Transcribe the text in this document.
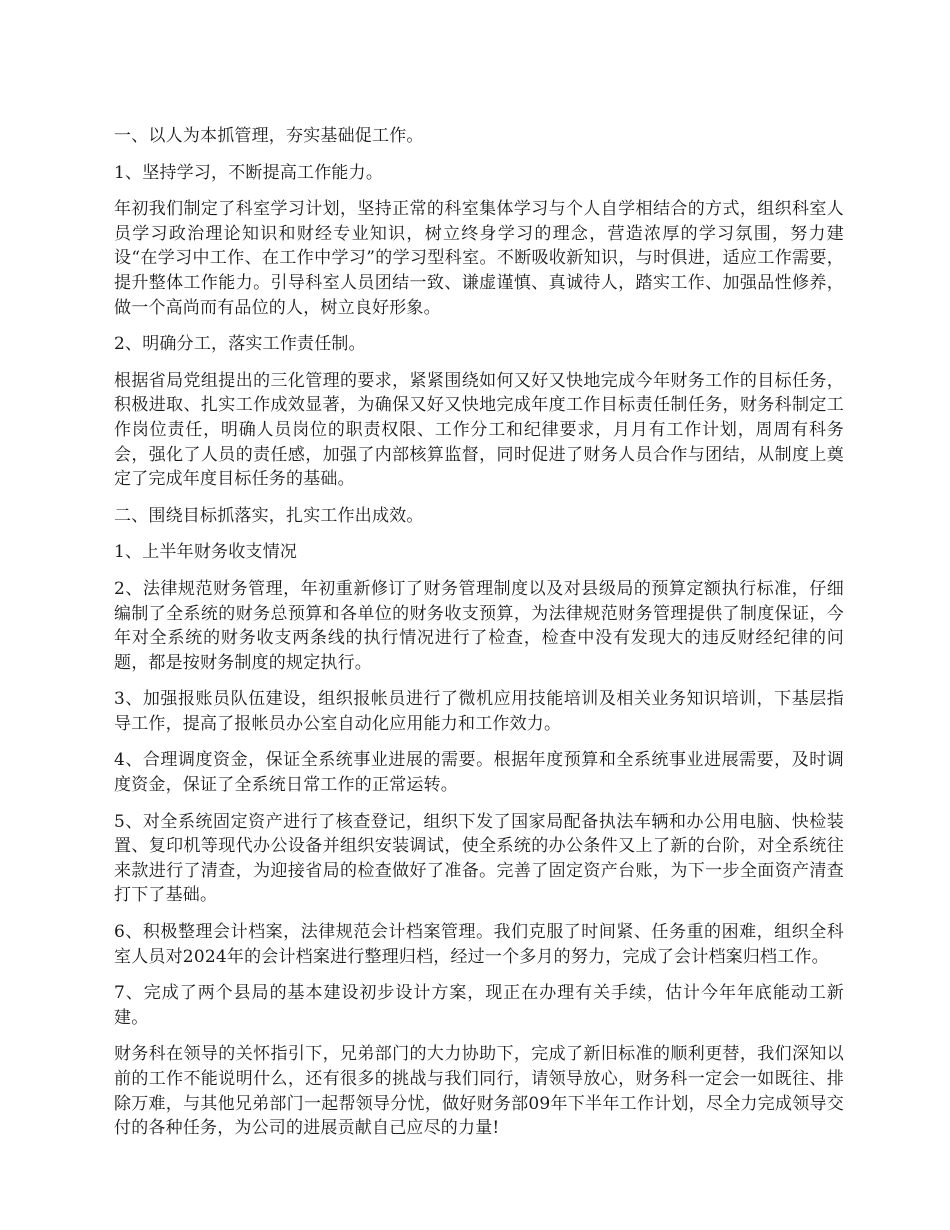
一、以人为本抓管理，夯实基础促工作。

1、坚持学习，不断提高工作能力。

年初我们制定了科室学习计划，坚持正常的科室集体学习与个人自学相结合的方式，组织科室人员学习政治理论知识和财经专业知识，树立终身学习的理念，营造浓厚的学习氛围，努力建设“在学习中工作、在工作中学习”的学习型科室。不断吸收新知识，与时俱进，适应工作需要，提升整体工作能力。引导科室人员团结一致、谦虚谨慎、真诚待人，踏实工作、加强品性修养，做一个高尚而有品位的人，树立良好形象。

2、明确分工，落实工作责任制。

根据省局党组提出的三化管理的要求，紧紧围绕如何又好又快地完成今年财务工作的目标任务，积极进取、扎实工作成效显著，为确保又好又快地完成年度工作目标责任制任务，财务科制定工作岗位责任，明确人员岗位的职责权限、工作分工和纪律要求，月月有工作计划，周周有科务会，强化了人员的责任感，加强了内部核算监督，同时促进了财务人员合作与团结，从制度上奠定了完成年度目标任务的基础。

二、围绕目标抓落实，扎实工作出成效。

1、上半年财务收支情况

2、法律规范财务管理，年初重新修订了财务管理制度以及对县级局的预算定额执行标准，仔细编制了全系统的财务总预算和各单位的财务收支预算，为法律规范财务管理提供了制度保证，今年对全系统的财务收支两条线的执行情况进行了检查，检查中没有发现大的违反财经纪律的问题，都是按财务制度的规定执行。

3、加强报账员队伍建设，组织报帐员进行了微机应用技能培训及相关业务知识培训，下基层指导工作，提高了报帐员办公室自动化应用能力和工作效力。

4、合理调度资金，保证全系统事业进展的需要。根据年度预算和全系统事业进展需要，及时调度资金，保证了全系统日常工作的正常运转。

5、对全系统固定资产进行了核查登记，组织下发了国家局配备执法车辆和办公用电脑、快检装置、复印机等现代办公设备并组织安装调试，使全系统的办公条件又上了新的台阶，对全系统往来款进行了清查，为迎接省局的检查做好了准备。完善了固定资产台账，为下一步全面资产清查打下了基础。

6、积极整理会计档案，法律规范会计档案管理。我们克服了时间紧、任务重的困难，组织全科室人员对2024年的会计档案进行整理归档，经过一个多月的努力，完成了会计档案归档工作。

7、完成了两个县局的基本建设初步设计方案，现正在办理有关手续，估计今年年底能动工新建。

财务科在领导的关怀指引下，兄弟部门的大力协助下，完成了新旧标准的顺利更替，我们深知以前的工作不能说明什么，还有很多的挑战与我们同行，请领导放心，财务科一定会一如既往、排除万难，与其他兄弟部门一起帮领导分忧，做好财务部09年下半年工作计划，尽全力完成领导交付的各种任务，为公司的进展贡献自己应尽的力量!
